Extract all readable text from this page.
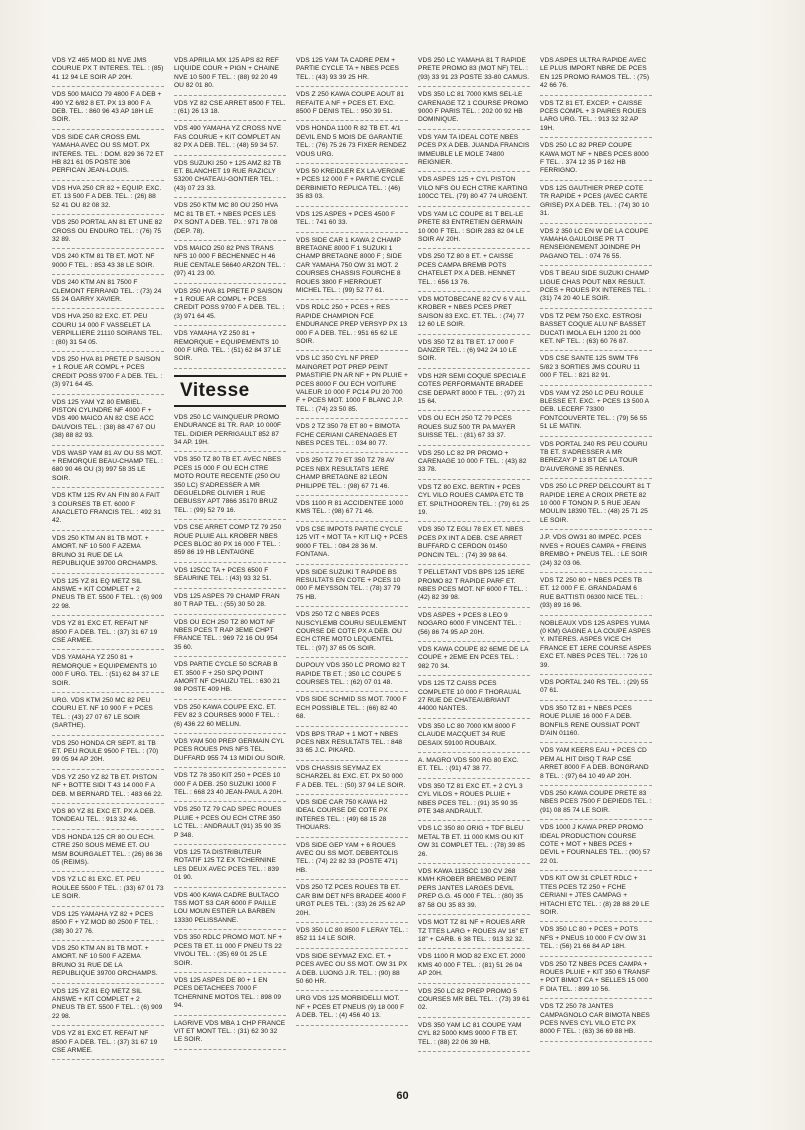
VDS YZ 465 MOD 81 NVE JMS COURUE PX T INTERES. TEL. : (85) 41 12 94 LE SOIR AP 20H.
VDS 500 MAICO 79 4800 F A DEB + 490 YZ 6/82 8 ET. PX 13 800 F A DEB. TEL. : 860 96 43 AP 18H LE SOIR.
VDS SIDE CAR CROSS EML YAMAHA AVEC OU SS MOT. PX INTERES. TEL. : DOM. 829 36 72 ET HB 821 61 05 POSTE 306 PERFICAN JEAN-LOUIS.
VDS HVA 250 CR 82 + EQUIP. EXC. ET. 13 500 F A DEB. TEL. : (26) 88 52 41 OU 82 08 32.
VDS 250 PORTAL AN 81 ET UNE 82 CROSS OU ENDURO TEL. : (76) 75 32 89.
VDS 240 KTM 81 TB ET. MOT. NF 9000 F TEL. : 853 43 38 LE SOIR.
VDS 240 KTM AN 81 7500 F CLEMONT FERRAND TEL. : (73) 24 55 24 GARRY XAVIER.
VDS HVA 250 82 EXC. ET. PEU COURU 14 000 F VASSELET LA VERPILLIERE 21110 SOIRANS TEL. : (80) 31 54 05.
VDS 250 HVA 81 PRETE P SAISON + 1 ROUE AR COMPL + PCES CREDIT POSS 9700 F A DEB. TEL. : (3) 971 64 45.
VDS 125 YAM YZ 80 EMBIEL. PISTON CYLINDRE NF 4000 F + VDS 490 MAICO AN 82 CSE ACC DAUVOIS TEL. : (38) 88 47 67 OU (38) 88 82 93.
VDS WASP YAM 81 AV OU SS MOT. + REMORQUE BEAU-CHAMP TEL. : 680 90 46 OU (3) 997 58 35 LE SOIR.
VDS KTM 125 RV AN FIN 80 A FAIT 3 COURSES TB ET. 6000 F ANACLETO FRANCIS TEL. : 492 31 42.
VDS 250 KTM AN 81 TB MOT. + AMORT. NF 10 500 F AZEMA BRUNO 31 RUE DE LA REPUBLIQUE 39700 ORCHAMPS.
VDS 125 YZ 81 EQ METZ SIL ANSWE + KIT COMPLET + 2 PNEUS TB ET. 5500 F TEL. : (6) 909 22 98.
VDS YZ 81 EXC ET. REFAIT NF 8500 F A DEB. TEL. : (37) 31 67 19 CSE ARMEE.
VDS YAMAHA YZ 250 81 + REMORQUE + EQUIPEMENTS 10 000 F URG. TEL. : (51) 62 84 37 LE SOIR.
URG. VDS KTM 250 MC 82 PEU COURU ET. NF 10 900 F + PCES TEL. : (43) 27 07 67 LE SOIR (SARTHE).
VDS 250 HONDA CR SEPT. 81 TB ET. PEU ROULE 9500 F TEL. : (70) 99 05 94 AP 20H.
VDS YZ 250 YZ 82 TB ET. PISTON NF + BOTTE SIDI T 43 14 000 F A DEB. M BERNARD TEL. : 483 66 22.
VDS 80 YZ 81 EXC ET. PX A DEB. TONDEAU TEL. : 913 32 46.
VDS HONDA 125 CR 80 OU ECH. CTRE 250 SOUS MEME ET. OU MSM BOURGALET TEL. : (26) 86 36 05 (REIMS).
VDS YZ LC 81 EXC. ET. PEU ROULEE 5500 F TEL. : (33) 67 01 73 LE SOIR.
VDS 125 YAMAHA YZ 82 + PCES 8500 F + YZ MOD 80 2500 F TEL. : (38) 30 27 76.
VDS 250 KTM AN 81 TB MOT. + AMORT. NF 10 500 F AZEMA BRUNO 31 RUE DE LA REPUBLIQUE 39700 ORCHAMPS.
VDS 125 YZ 81 EQ METZ SIL ANSWE + KIT COMPLET + 2 PNEUS TB ET. 5500 F TEL. : (6) 909 22 98.
VDS YZ 81 EXC ET. REFAIT NF 8500 F A DEB. TEL. : (37) 31 67 19 CSE ARMEE.
VDS APRILIA MX 125 APS 82 REF LIQUIDE COUR + PIGN + CHAINE NVE 10 500 F TEL. : (88) 92 20 49 OU 82 01 80.
VDS YZ 82 CSE ARRET 8500 F TEL. : (61) 26 13 18.
VDS 490 YAMAHA YZ CROSS NVE FAS COURUE + KIT COMPLET AN 82 PX A DEB. TEL. : (48) 59 34 57.
VDS SUZUKI 250 + 125 AMZ 82 TB ET. BLANCHET 19 RUE RAZICLY 53200 CHATEAU-GONTIER TEL. : (43) 07 23 33.
VDS 250 KTM MC 80 OU 250 HVA MC 81 TB ET. + NBES PCES LES PX SONT A DEB. TEL. : 971 78 08 (DEP. 78).
VDS MAICO 250 82 PNS TRANS NFS 10 000 F BECHENNEC H 46 RUE CENTALE 56640 ARZON TEL. : (97) 41 23 00.
VDS 250 HVA 81 PRETE P SAISON + 1 ROUE AR COMPL + PCES CREDIT POSS 9700 F A DEB. TEL. : (3) 971 64 45.
VDS YAMAHA YZ 250 81 + REMORQUE + EQUIPEMENTS 10 000 F URG. TEL. : (51) 62 84 37 LE SOIR.
Vitesse
VDS 250 LC VAINQUEUR PROMO ENDURANCE 81 TR. RAP. 10 000F TEL. DIDIER PERRIGAULT 852 87 34 AP. 19H.
VDS 350 TZ 80 TB ET. AVEC NBES PCES 15 000 F OU ECH CTRE MOTO ROUTE RECENTE (250 OU 350 LC) S'ADRESSER A MR DEGUELDRE OLIVIER 1 RUE DEBUSSY APT 7866 35170 BRUZ TEL. : (99) 52 79 16.
VDS CSE ARRET COMP TZ 79 250 ROUE PLUIE ALL KROBER NBES PCES BLOC 80 PX 16 000 F TEL. : 859 86 19 HB LENTAIGNE
VDS 125CC TA + PCES 6500 F SEAURINE TEL. : (43) 93 32 51.
VDS 125 ASPES 79 CHAMP FRAN 80 T RAP TEL. : (55) 30 50 28.
VDS OU ECH 250 TZ 80 MOT NF NBES PCES T RAP 3EME CHPT FRANCE TEL. : 969 72 16 OU 954 35 60.
VDS PARTIE CYCLE 50 SCRAB B ET. 3500 F + 250 SPQ POINT AMORT NF CHAUZU TEL. : 630 21 98 POSTE 409 HB.
VDS 250 KAWA COUPE EXC. ET. FEV 82 3 COURSES 9000 F TEL. : (6) 436 22 60 MELUN.
VDS YAM 500 PREP GERMAIN CYL PCES ROUES PNS NFS TEL. DUFFARD 955 74 13 MIDI OU SOIR.
VDS TZ 78 350 KIT 250 + PCES 10 000 F A DEB. 250 SUZUKI 1000 F TEL. : 668 23 40 JEAN-PAUL A 20H.
VDS 250 TZ 79 CAD SPEC ROUES PLUIE + PCES OU ECH CTRE 350 LC TEL. : ANDRAULT (91) 35 90 35 P 348.
VDS 125 TA DISTRIBUTEUR ROTATIF 125 TZ EX TCHERNINE LES DEUX AVEC PCES TEL. : 839 01 90.
VDS 400 KAWA CADRE BULTACO TSS MOT S3 CAR 6000 F PAILLE LOU MOUN ESTIER LA BARBEN 13330 PELISSANNE.
VDS 350 RDLC PROMO MOT. NF + PCES TB ET. 11 000 F PNEU TS 22 VIVOLI TEL. : (35) 69 01 25 LE SOIR.
VDS 125 ASPES DE 80 + 1 EN PCES DETACHEES 7000 F TCHERNINE MOTOS TEL. : 898 09 94.
LAGRIVE VDS MBA 1 CHP FRANCE VIT ET MONT TEL. : (31) 62 30 32 LE SOIR.
VDS 125 YAM TA CADRE PEM + PARTIE CYCLE TA + NBES PCES TEL. : (43) 93 39 25 HR.
VDS Z 250 KAWA COUPE AOUT 81 REFAITE A NF + PCES ET. EXC. 8500 F DENIS TEL. : 950 39 51.
VDS HONDA 1100 R 82 TB ET. 4/1 DEVIL END 5 MOIS DE GARANTIE TEL. : (76) 75 26 73 FIXER RENDEZ VOUS URG.
VDS 50 KREIDLER EX LA-VERGNE + PCES 12 000 F + PARTIE CYCLE DERBINIETO REPLICA TEL. : (46) 35 83 03.
VDS 125 ASPES + PCES 4500 F TEL. : 741 60 33.
VDS SIDE CAR 1 KAWA 2 CHAMP BRETAGNE 8000 F 1 SUZUKI 1 CHAMP BRETAGNE 8000 F ; SIDE CAR YAMAHA 750 OW 31 MOT. 2 COURSES CHASSIS FOURCHE 8 ROUES 3800 F HERROUET MICHEL TEL. : (99) 52 77 61.
VDS RDLC 250 + PCES + RES RAPIDE CHAMPION FCE ENDURANCE PREP VERSYP PX 13 000 F A DEB. TEL. : 951 65 62 LE SOIR.
VDS LC 350 CYL NF PREP MAINGRET POT PREP PEINT PMASTIFIE PN AR NF + PN PLUIE + PCES 8000 F OU ECH VOITURE VALEUR 10 000 F PC14 PU 20 700 F + PCES MOT. 1000 F BLANC J.P. TEL. : (74) 23 50 85.
VDS 2 TZ 350 78 ET 80 + BIMOTA FCHE CERIANI CARENAGES ET NBES PCES TEL. : 034 80 77.
VDS 250 TZ 79 ET 350 TZ 78 AV PCES NBX RESULTATS 1ERE CHAMP BRETAGNE 82 LEON PHILIPPE TEL. : (98) 67 71 46.
VDS 1100 R 81 ACCIDENTEE 1000 KMS TEL. : (98) 67 71 46.
VDS CSE IMPOTS PARTIE CYCLE 125 VIT + MOT TA + KIT LIQ + PCES 9000 F TEL. : 084 28 36 M. FONTANA.
VDS SIDE SUZUKI T RAPIDE BS RESULTATS EN COTE + PCES 10 000 F MEYSSON TEL. : (78) 37 79 75 HB.
VDS 250 TZ C NBES PCES NUSCYLEMB COURU SEULEMENT COURSE DE COTE PX A DEB. OU ECH CTRE MOTO LEQUENTEL TEL. : (97) 37 65 05 SOIR.
DUPOUY VDS 350 LC PROMO 82 T RAPIDE TB ET. ; 350 LC COUPE 5 COURSES TEL. : (62) 07 01 48.
VDS SIDE SCHMID SS MOT. 7000 F ECH POSSIBLE TEL. : (66) 82 40 68.
VDS BPS TRAP + 1 MOT + NBES PCES NBX RESULTATS TEL. : 848 33 65 J.C. PIKARD.
VDS CHASSIS SEYMAZ EX SCHARZEL 81 EXC. ET. PX 50 000 F A DEB. TEL. : (50) 37 94 LE SOIR.
VDS SIDE CAR 750 KAWA H2 IDEAL COURSE DE COTE PX INTERES TEL. : (49) 68 15 28 THOUARS.
VDS SIDE GEP YAM + 6 ROUES AVEC OU SS MOT. DEBERTOLIS TEL. : (74) 22 82 33 (POSTE 471) HB.
VDS 250 TZ PCES ROUES TB ET. CAR BIM DET NFS BRADEE 4000 F URGT PLES TEL. : (33) 26 25 62 AP 20H.
VDS 350 LC 80 8500 F LERAY TEL. : 852 11 14 LE SOIR.
VDS SIDE SEYMAZ EXC. ET. + PCES AVEC OU SS MOT. OW 31 PX A DEB. LUONG J.R. TEL. : (90) 88 50 60 HR.
URG VDS 125 MORBIDELLI MOT. NF + PCES ET PNEUS (9) 18 000 F A DEB. TEL. : (4) 456 40 13.
VDS 250 LC YAMAHA 81 T RAPIDE PRETE PROMO 83 (MOT NF) TEL. : (93) 33 91 23 POSTE 33-80 CAMUS.
VDS 350 LC 81 7000 KMS SEL-LE CARENAGE TZ 1 COURSE PROMO 9000 F PARIS TEL. : 202 00 92 HB DOMINIQUE.
VDS YAM TA IDEAL COTE NBES PCES PX A DEB. JUANDA FRANCIS IMMEUBLE LE MOLE 74800 REIGNIER.
VDS ASPES 125 + CYL PISTON VILO NFS OU ECH CTRE KARTING 100CC TEL. (79) 80 47 74 URGENT.
VDS YAM LC COUPE 81 T BEL-LE PRETE 83 ENTRETIEN GERMAIN 10 000 F TEL. : SOIR 283 82 04 LE SOIR AV 20H.
VDS 250 TZ 80 8 ET. + CAISSE PCES CAMPA BREMB POTS CHATELET PX A DEB. HENNET TEL. : 656 13 76.
VDS MOTOBECANE 82 CV 6 V ALL KROBER + NBES PCES PRET SAISON 83 EXC. ET. TEL. : (74) 77 12 60 LE SOIR.
VDS 350 TZ 81 TB ET. 17 000 F DANZER TEL. : (6) 942 24 10 LE SOIR.
VDS H2R SEMI COQUE SPECIALE COTES PERFORMANTE BRADEE CSE DEPART 8000 F TEL. : (97) 21 15 64.
VDS OU ECH 250 TZ 79 PCES ROUES SUZ 500 TR PA MAYER SUISSE TEL. : (81) 67 33 37.
VDS 250 LC 82 PR PROMO + CARENAGE 10 000 F TEL. : (43) 82 33 78.
VDS TZ 80 EXC. BERTIN + PCES CYL VILO ROUES CAMPA ETC TB ET. SPILTHOOREN TEL. : (79) 61 25 19.
VDS 350 TZ EGLI 78 EX ET. NBES PCES PX INT A DEB. CSE ARRET BUFFARD C CERDON 01450 PONCIN TEL. : (74) 39 98 64.
T PELLETANT VDS BPS 125 1ERE PROMO 82 T RAPIDE PARF ET. NBES PCES MOT. NF 6000 F TEL. : (42) 82 39 98.
VDS ASPES + PCES 8 LEO 9 NOGARO 6000 F VINCENT TEL. : (56) 86 74 95 AP 20H.
VDS KAWA COUPE 82 6EME DE LA COUPE + 2EME EN PCES TEL. : 982 70 34.
VDS 125 TZ CAISS PCES COMPLETE 10 000 F THORAUAL 27 RUE DE CHATEAUBRIANT 44000 NANTES.
VDS 350 LC 80 7000 KM 8000 F CLAUDE MACQUET 34 RUE DESAIX 59100 ROUBAIX.
A. MAGRO VDS 500 RG 80 EXC. ET. TEL. : (91) 47 38 77.
VDS 350 TZ 81 EXC ET. + 2 CYL 3 CYL VILOS + ROUES PLUIE + NBES PCES TEL. : (91) 35 90 35 PTE 348 ANDRAULT.
VDS LC 350 80 ORIG + TDF BLEU METAL TB ET. 11 000 KMS OU KIT OW 31 COMPLET TEL. : (78) 39 85 26.
VDS KAWA 1135CC 130 CV 268 KM/H KROBER BREMBO PEINT PERS JANTES LARGES DEVIL PREP G.G. 45 000 F TEL. : (80) 35 87 58 OU 35 83 39.
VDS MOT TZ 81 NF + ROUES ARR TZ TTES LARG + ROUES AV 16" ET 18" + CARB. 6 38 TEL. : 913 32 32.
VDS 1100 R MOD 82 EXC ET. 2000 KMS 40 000 F TEL. : (81) 51 26 04 AP 20H.
VDS 250 LC 82 PREP PROMO 5 COURSES MR BEL TEL. : (73) 39 61 02.
VDS 350 YAM LC 81 COUPE YAM CYL 82 5000 KMS 9000 F TB ET. TEL. : (88) 22 06 39 HB.
VDS ASPES ULTRA RAPIDE AVEC LE PLUS IMPORT NBRE DE PCES EN 125 PROMO RAMOS TEL. : (75) 42 66 76.
VDS TZ 81 ET. EXCEP. + CAISSE PCES COMPL + 3 PAIRES ROUES LARG URG. TEL. : 913 32 32 AP 19H.
VDS 250 LC 82 PREP COUPE KAWA MOT NF + NBES PCES 8000 F TEL. . 374 12 35 P 162 HB FERRIGNO.
VDS 125 GAUTHIER PREP COTE TR RAPIDE + PCES (AVEC CARTE GRISE) PX A DEB. TEL. : (74) 30 10 31.
VDS 2 350 LC EN W DE LA COUPE YAMAHA GAULOISE PR TT RENSEIGNEMENT JOINDRE PH PAGANO TEL. : 074 76 55.
VDS T BEAU SIDE SUZUKI CHAMP LIGUE CHAS POUT NBX RESULT. PCES + ROUES PX INTERES TEL. : (31) 74 20 40 LE SOIR.
VDS TZ PEM 750 EXC. ESTROSI BASSET COQUE ALU NF BASSET DUCATI IMOLA ELH 1200 21 000 KET. NF TEL. : (63) 60 76 87.
VDS CSE SANTE 125 SWM TF6 5/82 3 SORTIES JMS COURU 11 000 F TEL. : 821 82 91.
VDS YAM YZ 250 LC PEU ROULE BLESSE ET. EXC. + PCES 13 500 A DEB. LECERF 73300 FONTCOUVERTE TEL. : (79) 56 55 51 LE MATIN.
VDS PORTAL 240 RS PEU COURU TB ET. S'ADRESSER A MR BEREZAY P 13 BT DE LA TOUR D'AUVERGNE 35 RENNES.
VDS 250 LC PREP DELCOURT 81 T RAPIDE 1ERE A CROIX PRETE 82 10 000 F TONON P. 5 RUE JEAN MOULIN 18390 TEL. : (48) 25 71 25 LE SOIR.
J.P. VDS OW31 80 IMPEC. PCES NVES + ROUES CAMPA + FREINS BREMBO + PNEUS TEL. : LE SOIR (24) 32 03 06.
VDS TZ 250 80 + NBES PCES TB ET. 12 000 F E. GRANDADAM 6 RUE BATTISTI 06300 NICE TEL. : (93) 89 16 96.
NOBLEAUX VDS 125 ASPES YUMA (0 KM) GAGNE A LA COUPE ASPES Y. INTERES. ASPES VICE CH FRANCE ET 1ERE COURSE ASPES EXC ET. NBES PCES TEL. : 726 10 39.
VDS PORTAL 240 RS TEL. : (29) 55 07 61.
VDS 350 TZ 81 + NBES PCES ROUE PLUIE 16 000 F A DEB. BONFILS RENE OUSSIAT PONT D'AIN 01160.
VDS YAM KEERS EAU + PCES CD PEM AL HIT DISQ T RAP CSE ARRET 8000 F A DEB. BONGRAND 8 TEL. : (97) 64 10 49 AP 20H.
VDS 250 KAWA COUPE PRETE 83 NBES PCES 7500 F DEPIEDS TEL. : (91) 08 85 74 LE SOIR.
VDS 1000 J KAWA PREP PROMO IDEAL PRODUCTION COURSE COTE + MOT + NBES PCES + DEVIL + FOURNALES TEL. : (90) 57 22 01.
VDS KIT OW 31 CPLET RDLC + TTES PCES TZ 250 + FCHE CERIANI + JTES CAMPAG + HITACHI ETC TEL. : (8) 28 88 29 LE SOIR.
VDS 350 LC 80 + PCES + POTS NFS + PNEUS 10 000 F CV OW 31 TEL. : (56) 21 66 84 AP 18H.
VDS 250 TZ NBES PCES CAMPA + ROUES PLUIE + KIT 350 6 TRANSF + POT BIMOT CA + SELLES 15 000 F DIA TEL. : 899 10 56.
VDS TZ 250 78 JANTES CAMPAGNOLO CAR BIMOTA NBES PCES NVES CYL VILO ETC PX 8000 F TEL. : (63) 36 69 88 HB.
60
